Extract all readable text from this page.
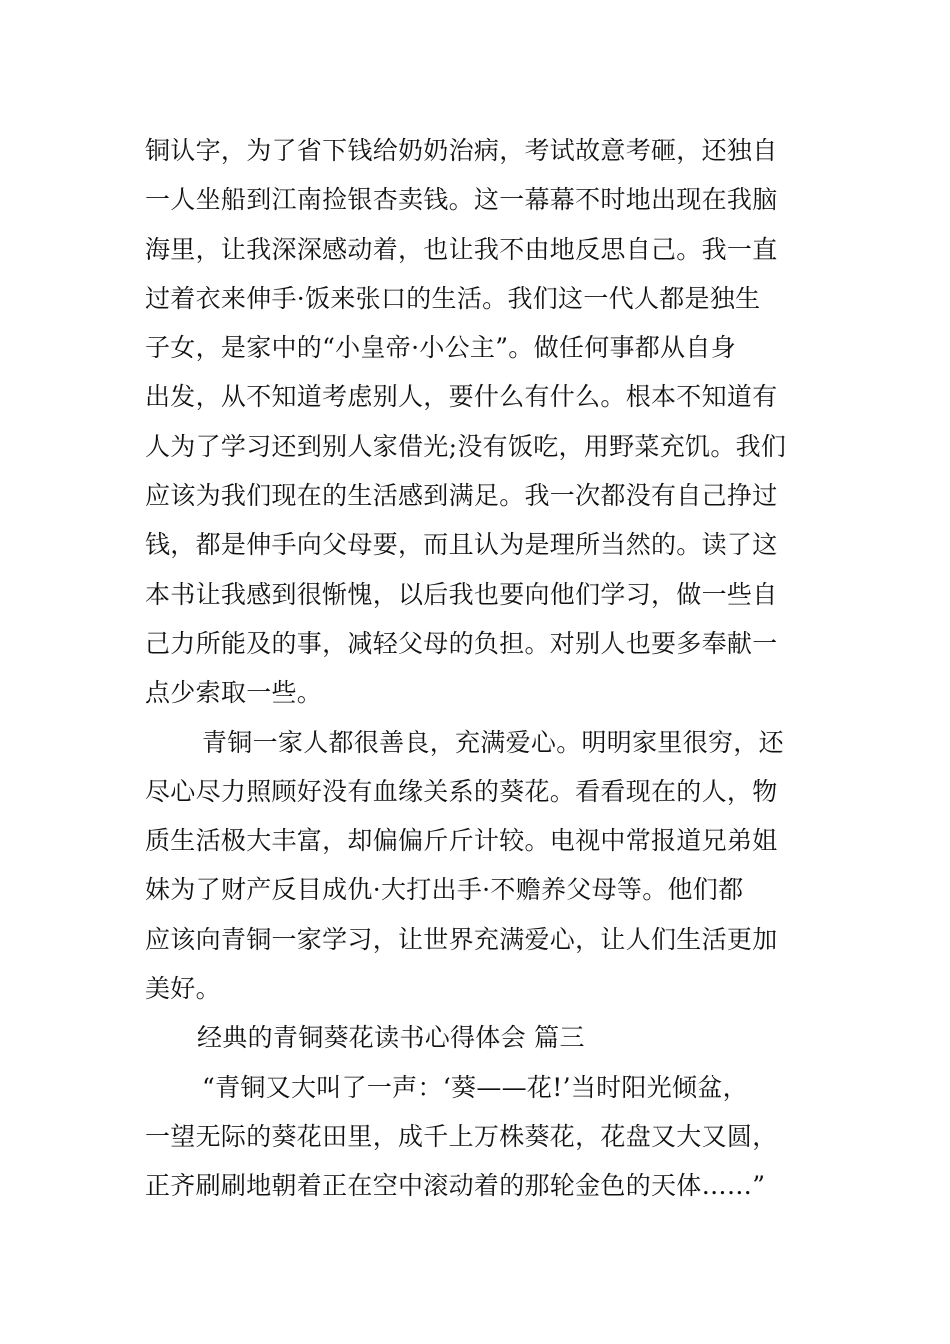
铜认字，为了省下钱给奶奶治病，考试故意考砸，还独自
一人坐船到江南捡银杏卖钱。这一幕幕不时地出现在我脑
海里，让我深深感动着，也让我不由地反思自己。我一直
过着衣来伸手·饭来张口的生活。我们这一代人都是独生
子女，是家中的“小皇帝·小公主”。做任何事都从自身
出发，从不知道考虑别人，要什么有什么。根本不知道有
人为了学习还到别人家借光;没有饭吃，用野菜充饥。我们
应该为我们现在的生活感到满足。我一次都没有自己挣过
钱，都是伸手向父母要，而且认为是理所当然的。读了这
本书让我感到很惭愧，以后我也要向他们学习，做一些自
己力所能及的事，减轻父母的负担。对别人也要多奉献一
点少索取一些。
青铜一家人都很善良，充满爱心。明明家里很穷，还
尽心尽力照顾好没有血缘关系的葵花。看看现在的人，物
质生活极大丰富，却偏偏斤斤计较。电视中常报道兄弟姐
妹为了财产反目成仇·大打出手·不赡养父母等。他们都
应该向青铜一家学习，让世界充满爱心，让人们生活更加
美好。
经典的青铜葵花读书心得体会 篇三
“青铜又大叫了一声：‘葵——花!’当时阳光倾盆，
一望无际的葵花田里，成千上万株葵花，花盘又大又圆，
正齐刷刷地朝着正在空中滚动着的那轮金色的天体……”
